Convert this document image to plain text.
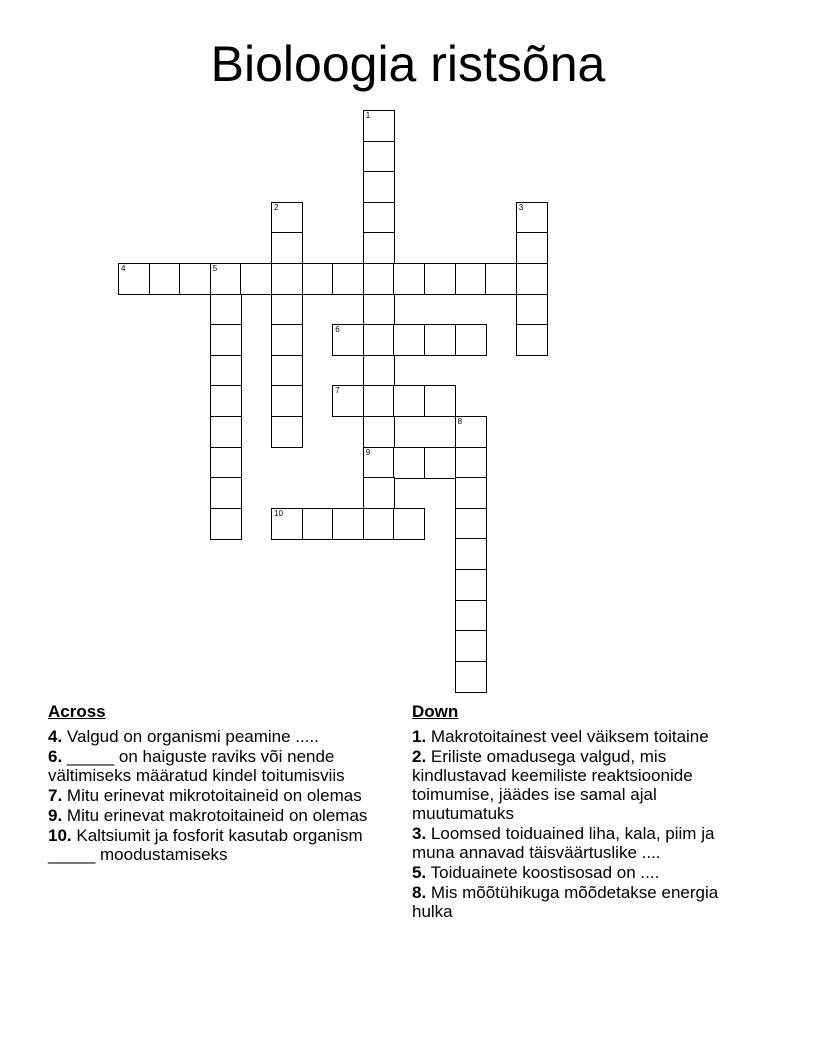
Bioloogia ristsõna
1
2	3
4	5
6
7
8
9
10
Across
4. Valgud on organismi peamine .....
6. _____ on haiguste raviks või nende vältimiseks määratud kindel toitumisviis
7. Mitu erinevat mikrotoitaineid on olemas
9. Mitu erinevat makrotoitaineid on olemas
10. Kaltsiumit ja fosforit kasutab organism _____ moodustamiseks
Down
1. Makrotoitainest veel väiksem toitaine
2. Eriliste omadusega valgud, mis kindlustavad keemiliste reaktsioonide toimumise, jäädes ise samal ajal muutumatuks
3. Loomsed toiduained liha, kala, piim ja muna annavad täisväärtuslike ....
5. Toiduainete koostisosad on ....
8. Mis mõõtühikuga mõõdetakse energia hulka
